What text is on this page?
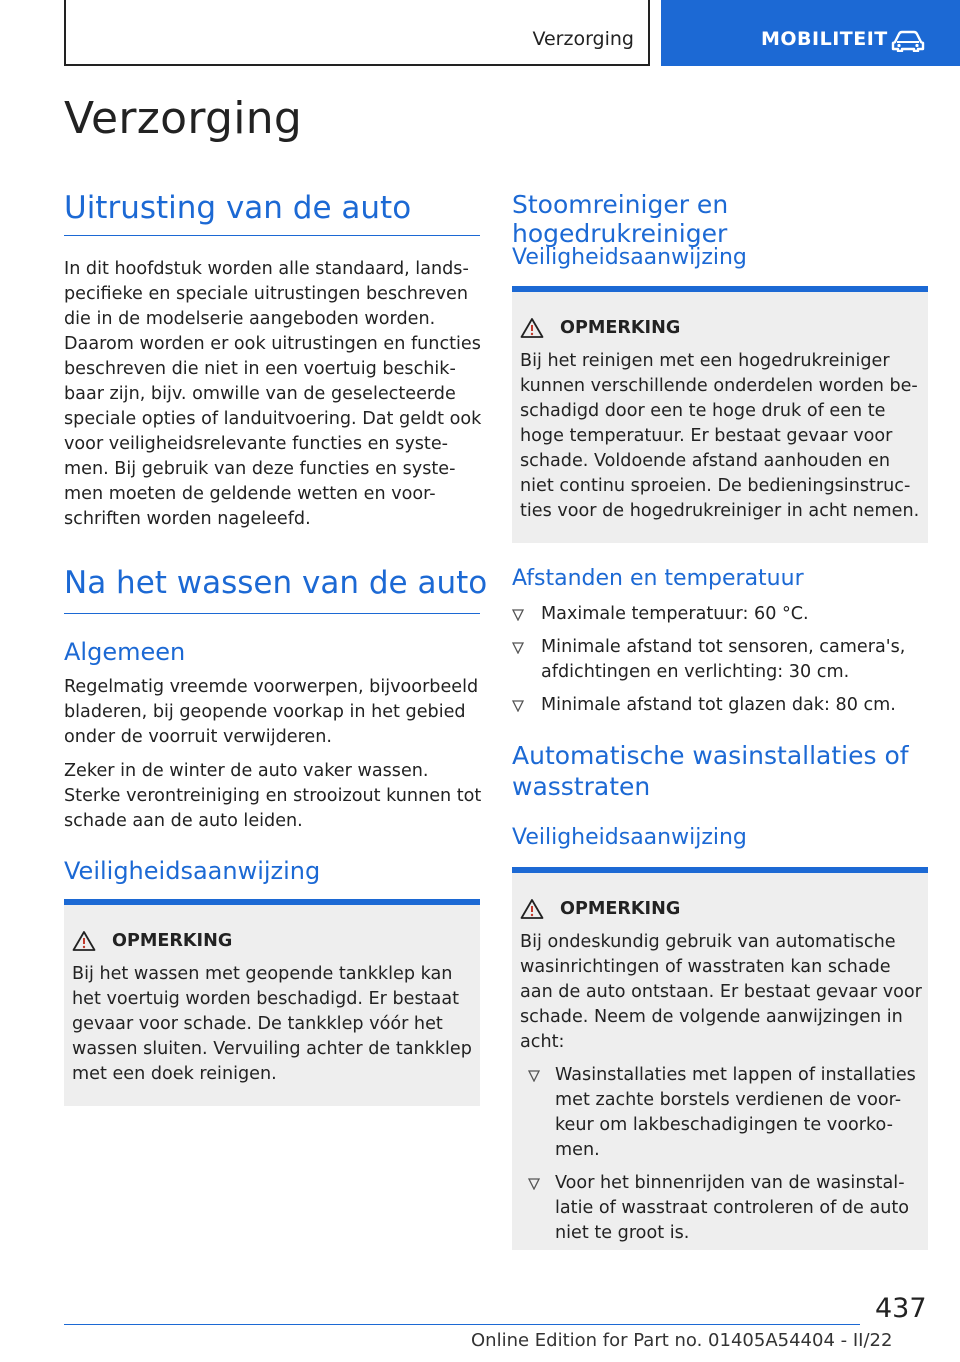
Verzorging	MOBILITEIT
Verzorging
Uitrusting van de auto

In dit hoofdstuk worden alle standaard, lands-pecifieke en speciale uitrustingen beschreven die in de modelserie aangeboden worden. Daarom worden er ook uitrustingen en functies beschreven die niet in een voertuig beschik-baar zijn, bijv. omwille van de geselecteerde speciale opties of landuitvoering. Dat geldt ook voor veiligheidsrelevante functies en syste-men. Bij gebruik van deze functies en syste-men moeten de geldende wetten en voor-schriften worden nageleefd.

Na het wassen van de auto
Algemeen

Regelmatig vreemde voorwerpen, bijvoorbeeld bladeren, bij geopende voorkap in het gebied onder de voorruit verwijderen.

Zeker in de winter de auto vaker wassen. Sterke verontreiniging en strooizout kunnen tot schade aan de auto leiden.

Veiligheidsaanwijzing
OPMERKING

Bij het wassen met geopende tankklep kan het voertuig worden beschadigd. Er bestaat gevaar voor schade. De tankklep vóór het wassen sluiten. Vervuiling achter de tankklep met een doek reinigen.

Stoomreiniger en hogedrukreiniger
Veiligheidsaanwijzing
OPMERKING

Bij het reinigen met een hogedrukreiniger kunnen verschillende onderdelen worden be-schadigd door een te hoge druk of een te hoge temperatuur. Er bestaat gevaar voor schade. Voldoende afstand aanhouden en niet continu sproeien. De bedieningsinstruc-ties voor de hogedrukreiniger in acht nemen.

Afstanden en temperatuur
Maximale temperatuur: 60 °C.
Minimale afstand tot sensoren, camera's, afdichtingen en verlichting: 30 cm.
Minimale afstand tot glazen dak: 80 cm.
Automatische wasinstallaties of wasstraten
Veiligheidsaanwijzing
OPMERKING

Bij ondeskundig gebruik van automatische wasinrichtingen of wasstraten kan schade aan de auto ontstaan. Er bestaat gevaar voor schade. Neem de volgende aanwijzingen in acht:

Wasinstallaties met lappen of installaties met zachte borstels verdienen de voor-keur om lakbeschadigingen te voorko-men.
Voor het binnenrijden van de wasinstal-latie of wasstraat controleren of de auto niet te groot is.
437
Online Edition for Part no. 01405A54404 - II/22
